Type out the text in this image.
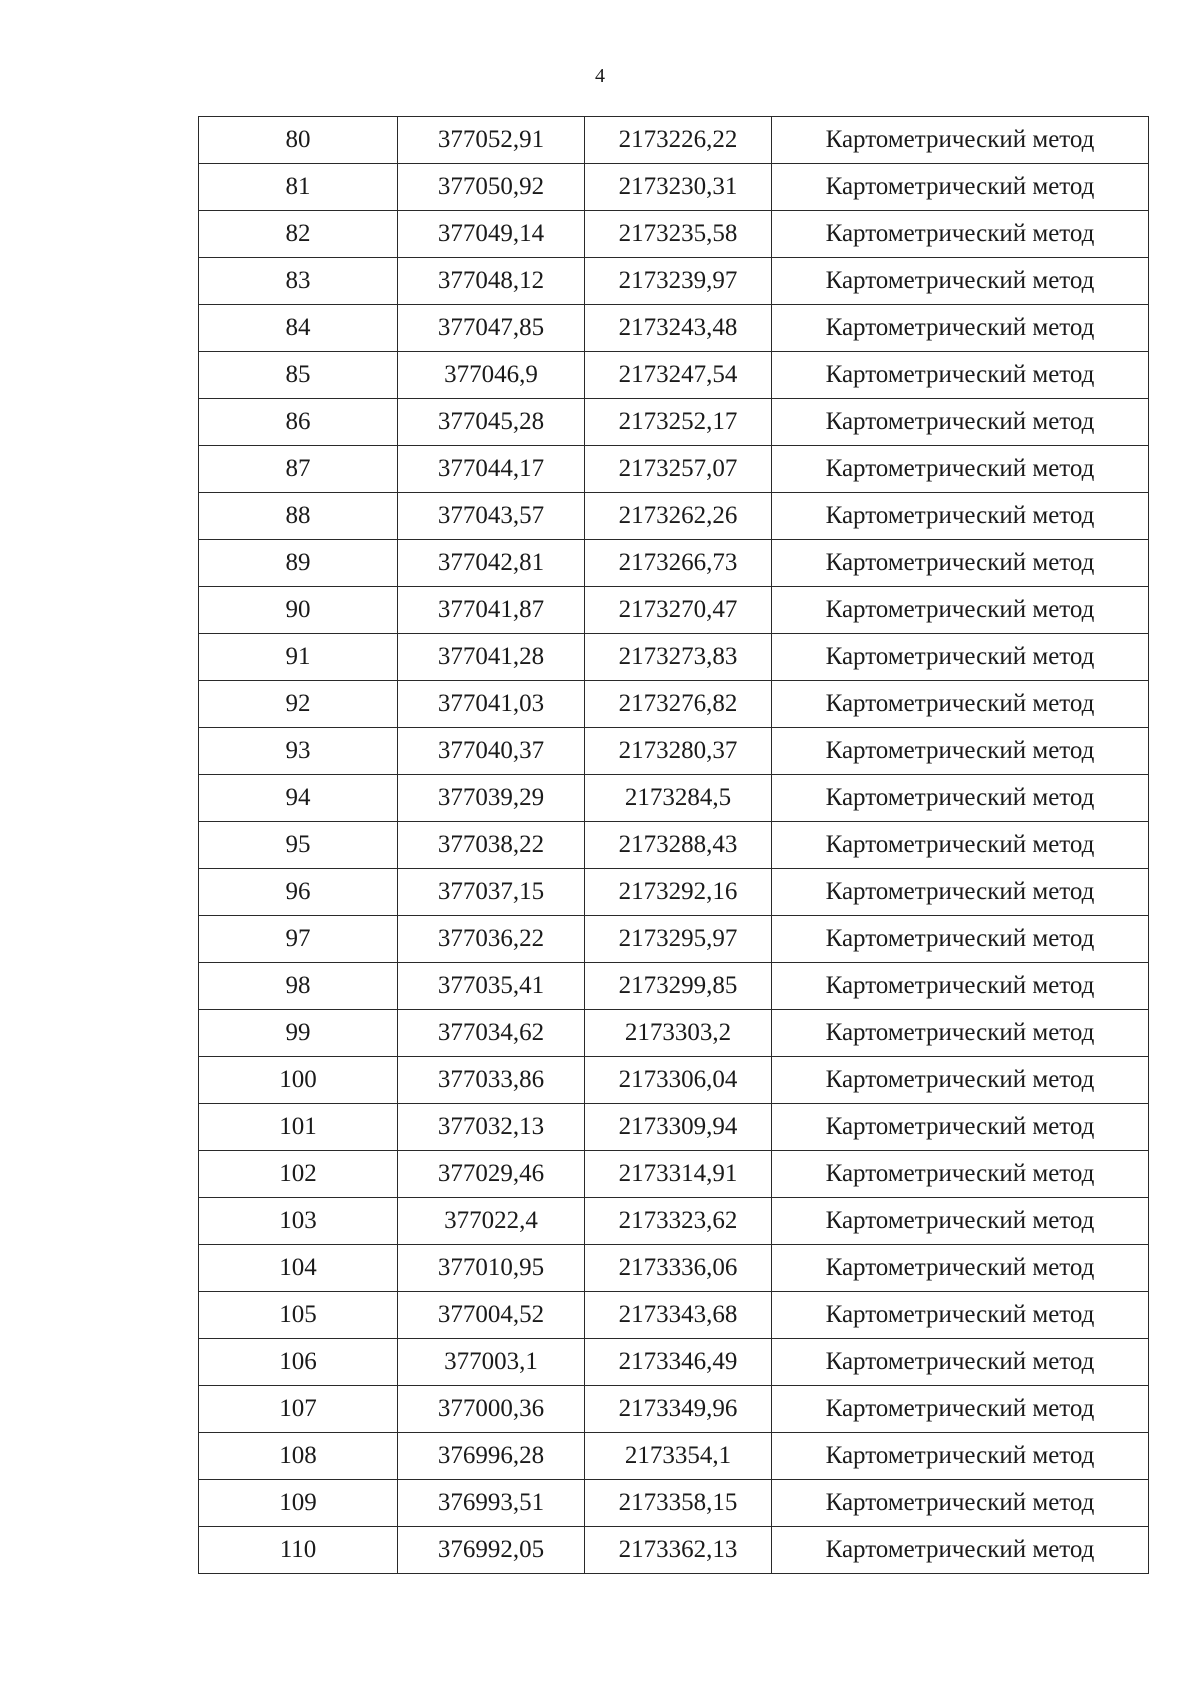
4
80	377052,91	2173226,22	Картометрический метод
81	377050,92	2173230,31	Картометрический метод
82	377049,14	2173235,58	Картометрический метод
83	377048,12	2173239,97	Картометрический метод
84	377047,85	2173243,48	Картометрический метод
85	377046,9	2173247,54	Картометрический метод
86	377045,28	2173252,17	Картометрический метод
87	377044,17	2173257,07	Картометрический метод
88	377043,57	2173262,26	Картометрический метод
89	377042,81	2173266,73	Картометрический метод
90	377041,87	2173270,47	Картометрический метод
91	377041,28	2173273,83	Картометрический метод
92	377041,03	2173276,82	Картометрический метод
93	377040,37	2173280,37	Картометрический метод
94	377039,29	2173284,5	Картометрический метод
95	377038,22	2173288,43	Картометрический метод
96	377037,15	2173292,16	Картометрический метод
97	377036,22	2173295,97	Картометрический метод
98	377035,41	2173299,85	Картометрический метод
99	377034,62	2173303,2	Картометрический метод
100	377033,86	2173306,04	Картометрический метод
101	377032,13	2173309,94	Картометрический метод
102	377029,46	2173314,91	Картометрический метод
103	377022,4	2173323,62	Картометрический метод
104	377010,95	2173336,06	Картометрический метод
105	377004,52	2173343,68	Картометрический метод
106	377003,1	2173346,49	Картометрический метод
107	377000,36	2173349,96	Картометрический метод
108	376996,28	2173354,1	Картометрический метод
109	376993,51	2173358,15	Картометрический метод
110	376992,05	2173362,13	Картометрический метод
